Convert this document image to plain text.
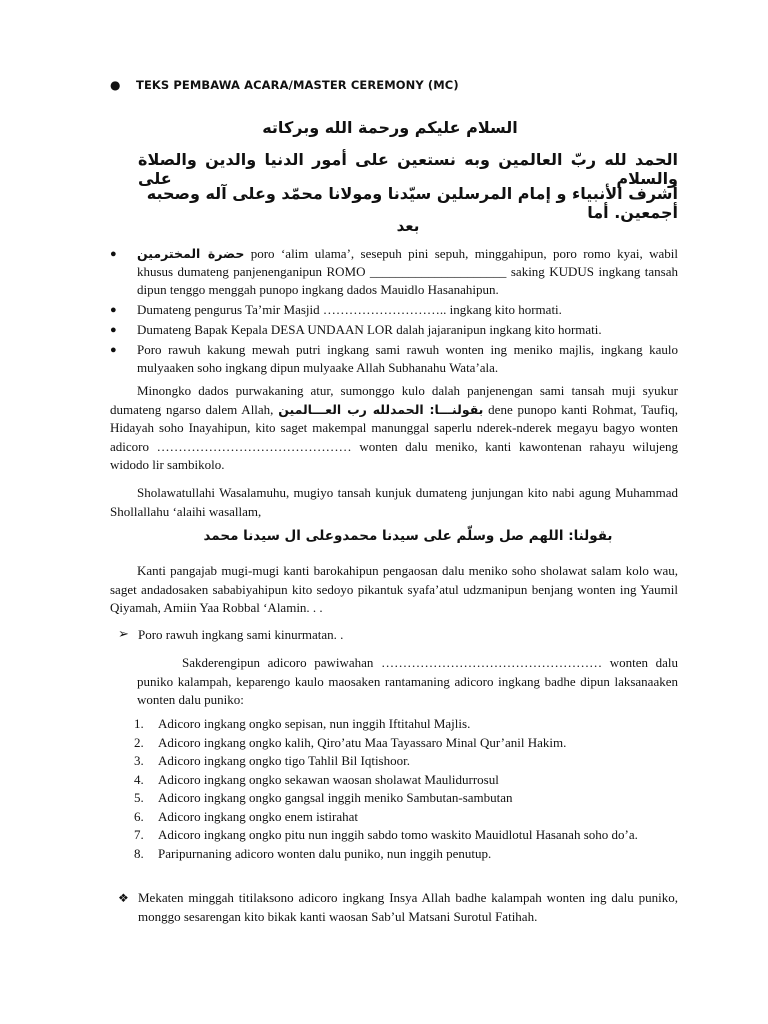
● TEKS PEMBAWA ACARA/MASTER CEREMONY (MC)
السلام عليكم ورحمة الله وبركاته
الحمد لله ربّ العالمين وبه نستعين على أمور الدنيا والدين والصلاة والسلام على
أشرف الأنبياء و إمام المرسلين سيّدنا ومولانا محمّد وعلى آله وصحبه أجمعين. أما
بعد
● حضرة المخترمين poro ‘alim ulama’, sesepuh pini sepuh, minggahipun, poro romo kyai, wabil khusus dumateng panjenenganipun ROMO _____________________ saking KUDUS ingkang tansah dipun tenggo menggah punopo ingkang dados Mauidlo Hasanahipun.
● Dumateng pengurus Ta’mir Masjid ……………………….. ingkang kito hormati.
● Dumateng Bapak Kepala DESA UNDAAN LOR dalah jajaranipun ingkang kito hormati.
● Poro rawuh kakung mewah putri ingkang sami rawuh wonten ing meniko majlis, ingkang kaulo mulyaaken soho ingkang dipun mulyaake Allah Subhanahu Wata’ala.
Minongko dados purwakaning atur, sumonggo kulo dalah panjenengan sami tansah muji syukur dumateng ngarso dalem Allah, بقولنـــا: الحمدلله رب العـــالمين dene punopo kanti Rohmat, Taufiq, Hidayah soho Inayahipun, kito saget makempal manunggal saperlu nderek-nderek megayu bagyo wonten adicoro ……………………………………… wonten dalu meniko, kanti kawontenan rahayu wilujeng widodo lir sambikolo.
Sholawatullahi Wasalamuhu, mugiyo tansah kunjuk dumateng junjungan kito nabi agung Muhammad Shollallahu ‘alaihi wasallam,
بقولنا: اللهم صل وسلّم على سيدنا محمدوعلى ال سيدنا محمد
Kanti pangajab mugi-mugi kanti barokahipun pengaosan dalu meniko soho sholawat salam kolo wau, saget andadosaken sababiyahipun kito sedoyo pikantuk syafa’atul udzmanipun benjang wonten ing Yaumil Qiyamah, Amiin Yaa Robbal ‘Alamin. . .
➢ Poro rawuh ingkang sami kinurmatan. .
Sakderengipun adicoro pawiwahan …………………………………………… wonten dalu puniko kalampah, keparengo kaulo maosaken rantamaning adicoro ingkang badhe dipun laksanaaken wonten dalu puniko:
1. Adicoro ingkang ongko sepisan, nun inggih Iftitahul Majlis.
2. Adicoro ingkang ongko kalih, Qiro’atu Maa Tayassaro Minal Qur’anil Hakim.
3. Adicoro ingkang ongko tigo Tahlil Bil Iqtishoor.
4. Adicoro ingkang ongko sekawan waosan sholawat Maulidurrosul
5. Adicoro ingkang ongko gangsal inggih meniko Sambutan-sambutan
6. Adicoro ingkang ongko enem istirahat
7. Adicoro ingkang ongko pitu nun inggih sabdo tomo waskito Mauidlotul Hasanah soho do’a.
8. Paripurnaning adicoro wonten dalu puniko, nun inggih penutup.
❖ Mekaten minggah titilaksono adicoro ingkang Insya Allah badhe kalampah wonten ing dalu puniko, monggo sesarengan kito bikak kanti waosan Sab’ul Matsani Surotul Fatihah.
